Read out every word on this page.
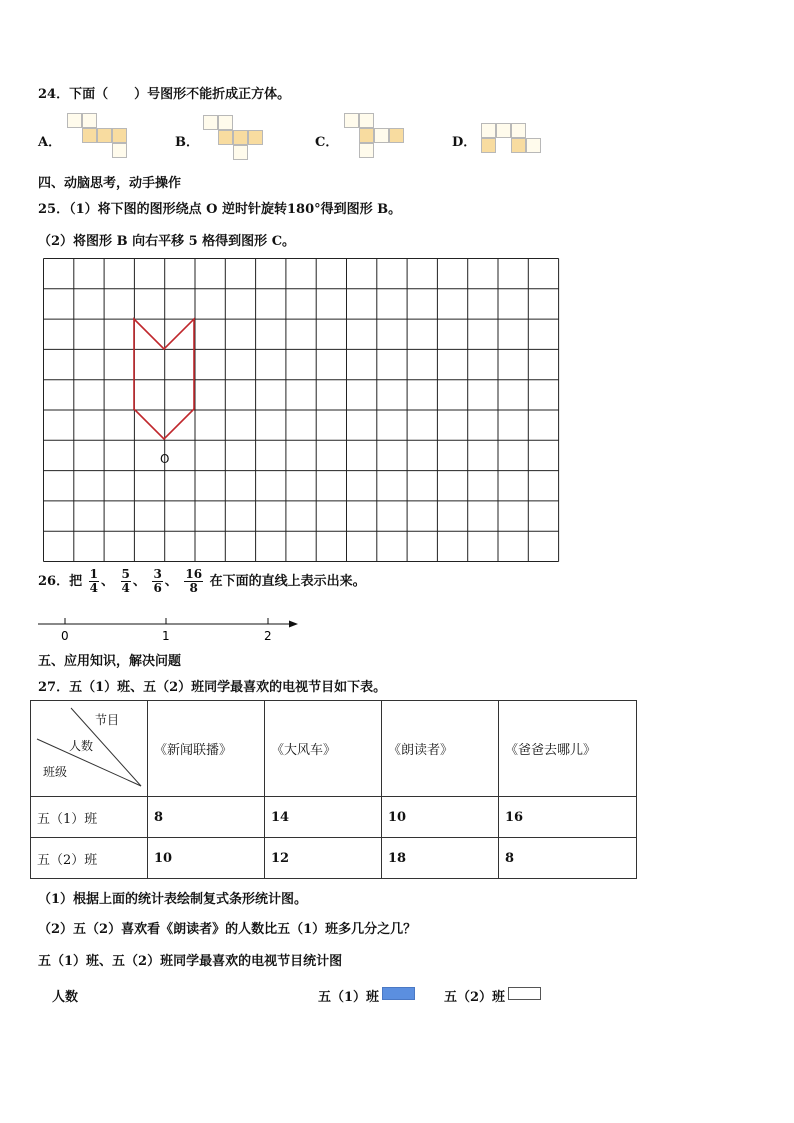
24．下面（　　）号图形不能折成正方体。
A．	B．	C．	D．
四、动脑思考，动手操作
25．（1）将下图的图形绕点 O 逆时针旋转180°得到图形 B。
（2）将图形 B 向右平移 5 格得到图形 C。
O
26．把 $\frac{1}{4}$ 、 $\frac{5}{4}$ 、 $\frac{3}{6}$ 、 $\frac{16}{8}$ 在下面的直线上表示出来。
0	1	2
五、应用知识，解决问题
27．五（1）班、五（2）班同学最喜欢的电视节目如下表。
节目
人数
班级	《新闻联播》	《大风车》	《朗读者》	《爸爸去哪儿》
五（1）班	8	14	10	16
五（2）班	10	12	18	8
（1）根据上面的统计表绘制复式条形统计图。
（2）五（2）喜欢看《朗读者》的人数比五（1）班多几分之几？
五（1）班、五（2）班同学最喜欢的电视节目统计图
人数	五（1）班	五（2）班
